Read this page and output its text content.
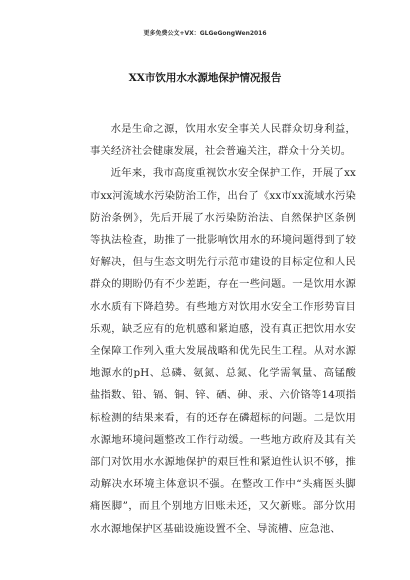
更多免费公文+VX：GLGeGongWen2016
XX市饮用水水源地保护情况报告

水是生命之源，饮用水安全事关人民群众切身利益，事关经济社会健康发展，社会普遍关注，群众十分关切。

近年来，我市高度重视饮水安全保护工作，开展了xx市xx河流域水污染防治工作，出台了《xx市xx流域水污染防治条例》，先后开展了水污染防治法、自然保护区条例等执法检查，助推了一批影响饮用水的环境问题得到了较好解决，但与生态文明先行示范市建设的目标定位和人民群众的期盼仍有不少差距，存在一些问题。一是饮用水源水水质有下降趋势。有些地方对饮用水安全工作形势盲目乐观，缺乏应有的危机感和紧迫感，没有真正把饮用水安全保障工作列入重大发展战略和优先民生工程。从对水源地源水的pH、总磷、氨氮、总氮、化学需氧量、高锰酸盐指数、铅、镉、铜、锌、硒、砷、汞、六价铬等14项指标检测的结果来看，有的还存在磷超标的问题。二是饮用水源地环境问题整改工作行动缓。一些地方政府及其有关部门对饮用水水源地保护的艰巨性和紧迫性认识不够，推动解决水环境主体意识不强。在整改工作中“头痛医头脚痛医脚”，而且个别地方旧账未还，又欠新账。部分饮用水水源地保护区基础设施设置不全、导流槽、应急池、
